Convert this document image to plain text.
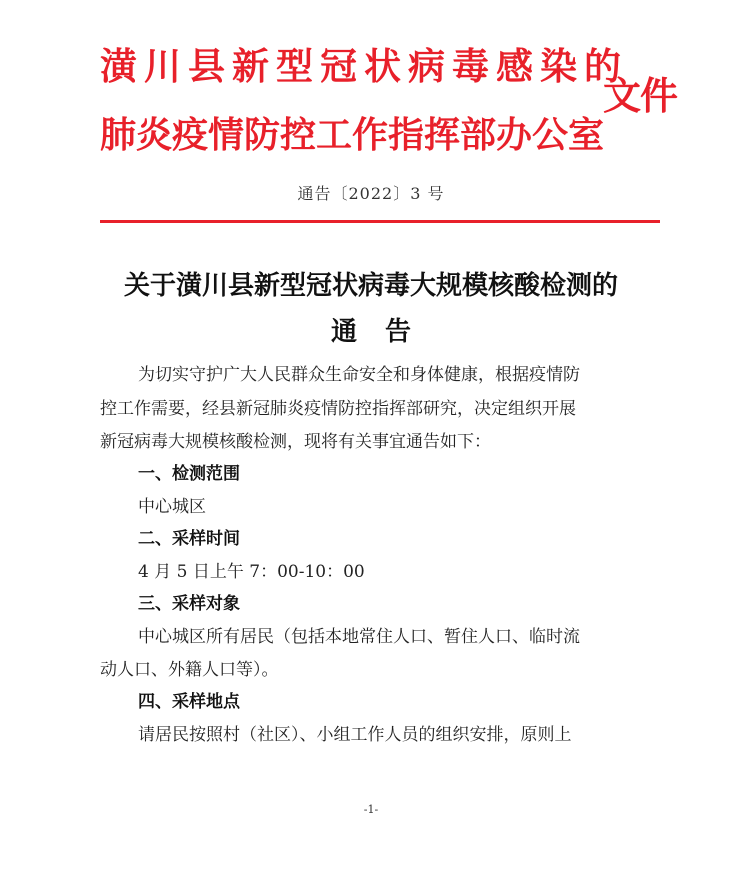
潢川县新型冠状病毒感染的
肺炎疫情防控工作指挥部办公室
文件
通告〔2022〕3 号
关于潢川县新型冠状病毒大规模核酸检测的
通告
为切实守护广大人民群众生命安全和身体健康，根据疫情防
控工作需要，经县新冠肺炎疫情防控指挥部研究，决定组织开展
新冠病毒大规模核酸检测，现将有关事宜通告如下：
一、检测范围
中心城区
二、采样时间
4 月 5 日上午 7：00-10：00
三、采样对象
中心城区所有居民（包括本地常住人口、暂住人口、临时流
动人口、外籍人口等）。
四、采样地点
请居民按照村（社区）、小组工作人员的组织安排，原则上
-1-
